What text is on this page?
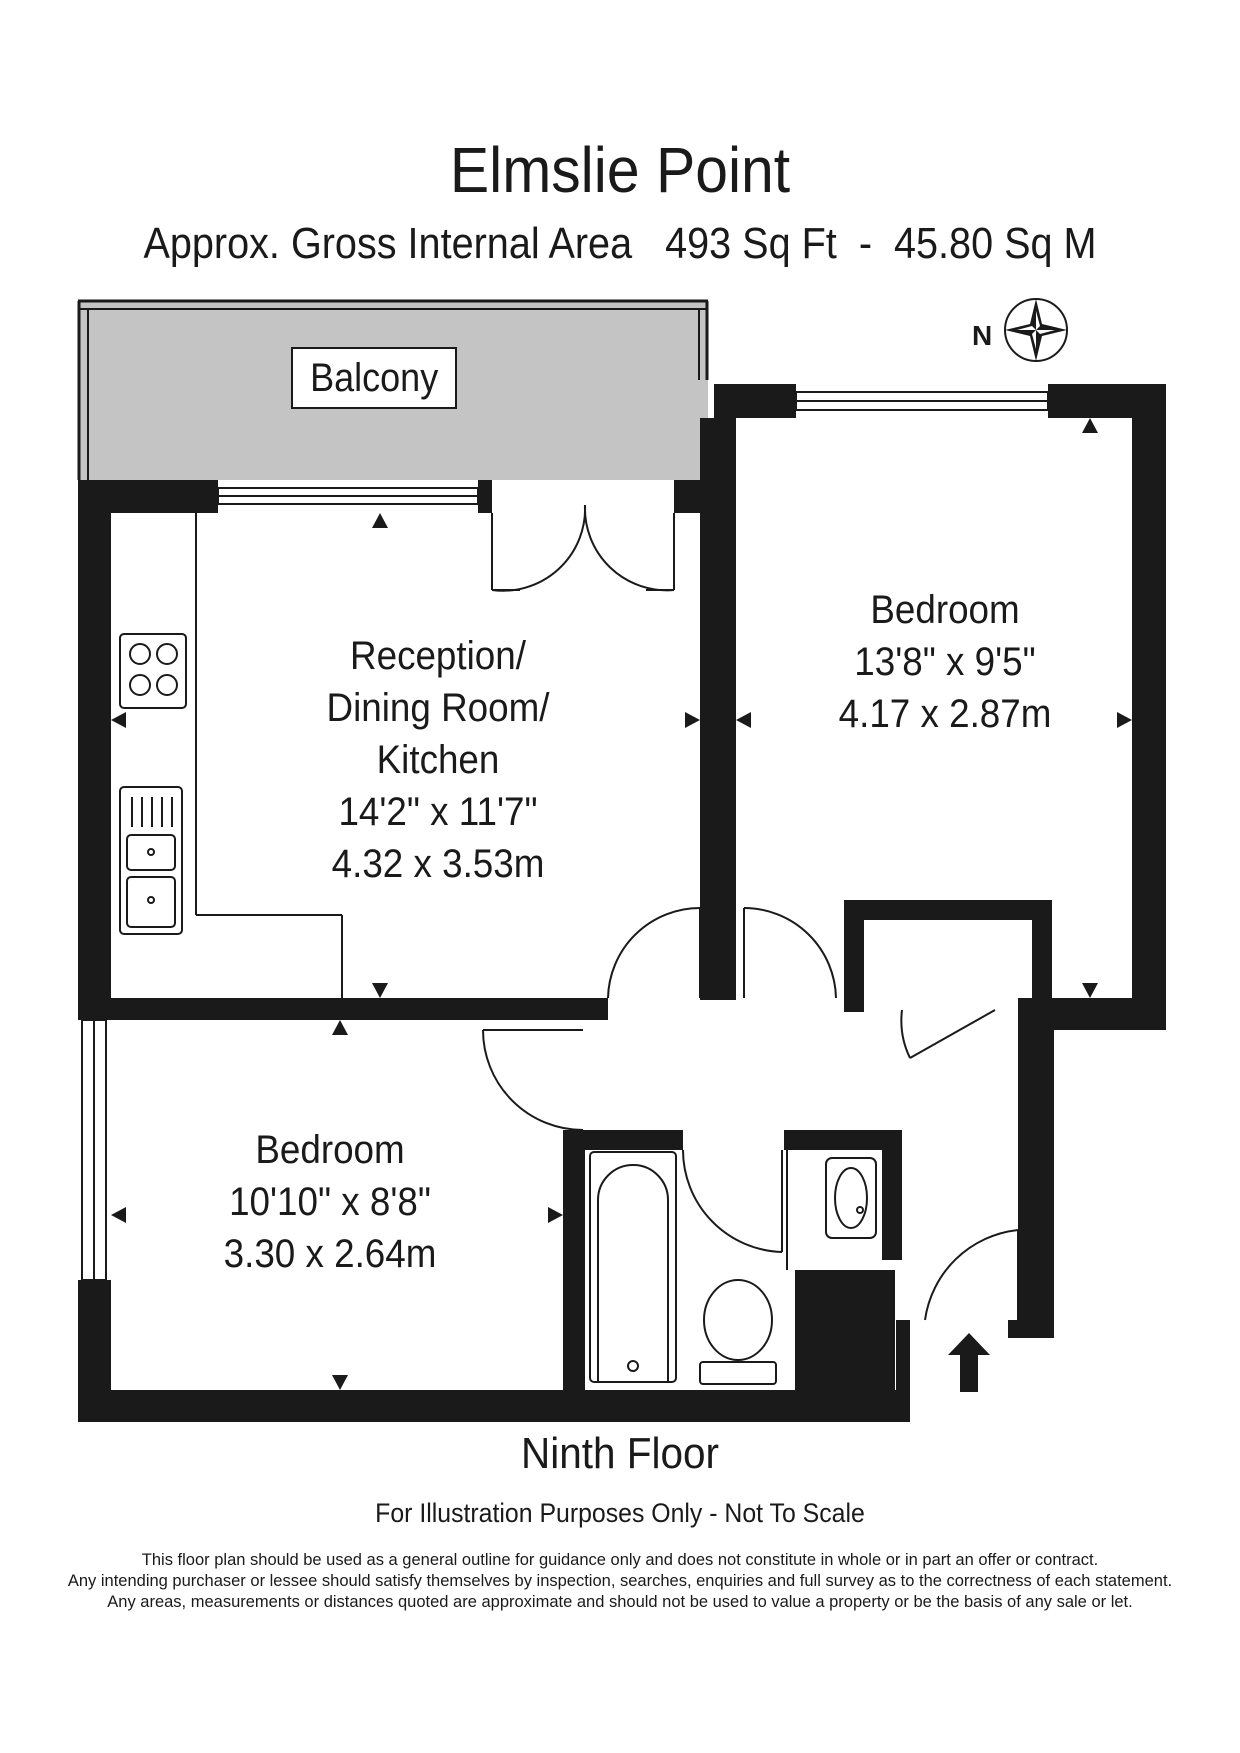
Elmslie Point
Approx. Gross Internal Area   493 Sq Ft  -  45.80 Sq M
N
Balcony
Reception/
Dining Room/
Kitchen
14'2" x 11'7"
4.32 x 3.53m
Bedroom
13'8" x 9'5"
4.17 x 2.87m
Bedroom
10'10" x 8'8"
3.30 x 2.64m
Ninth Floor
For Illustration Purposes Only - Not To Scale
This floor plan should be used as a general outline for guidance only and does not constitute in whole or in part an offer or contract.
Any intending purchaser or lessee should satisfy themselves by inspection, searches, enquiries and full survey as to the correctness of each statement.
Any areas, measurements or distances quoted are approximate and should not be used to value a property or be the basis of any sale or let.
